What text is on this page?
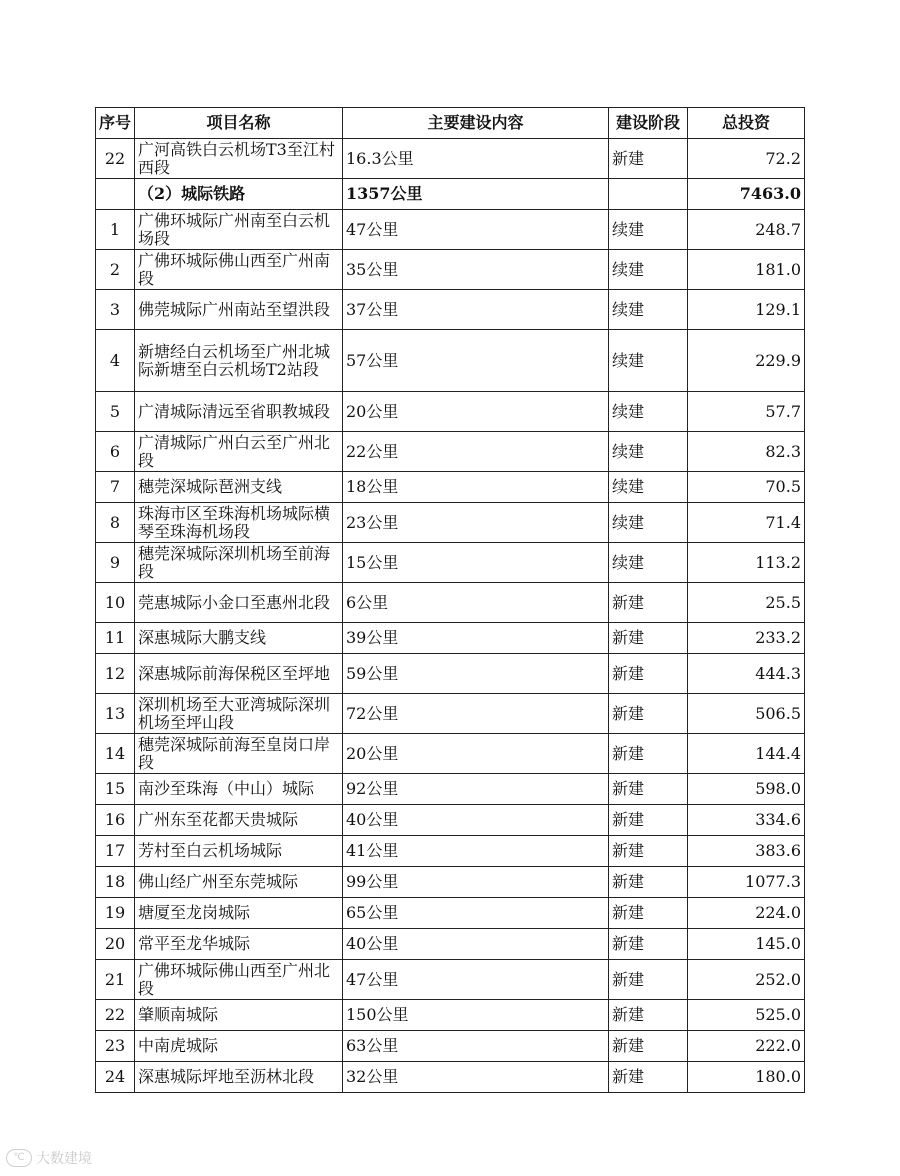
序号	项目名称	主要建设内容	建设阶段	总投资
22	广河高铁白云机场T3至江村西段	16.3公里	新建	72.2
	（2）城际铁路	1357公里		7463.0
1	广佛环城际广州南至白云机场段	47公里	续建	248.7
2	广佛环城际佛山西至广州南段	35公里	续建	181.0
3	佛莞城际广州南站至望洪段	37公里	续建	129.1
4	新塘经白云机场至广州北城际新塘至白云机场T2站段	57公里	续建	229.9
5	广清城际清远至省职教城段	20公里	续建	57.7
6	广清城际广州白云至广州北段	22公里	续建	82.3
7	穗莞深城际琶洲支线	18公里	续建	70.5
8	珠海市区至珠海机场城际横琴至珠海机场段	23公里	续建	71.4
9	穗莞深城际深圳机场至前海段	15公里	续建	113.2
10	莞惠城际小金口至惠州北段	6公里	新建	25.5
11	深惠城际大鹏支线	39公里	新建	233.2
12	深惠城际前海保税区至坪地	59公里	新建	444.3
13	深圳机场至大亚湾城际深圳机场至坪山段	72公里	新建	506.5
14	穗莞深城际前海至皇岗口岸段	20公里	新建	144.4
15	南沙至珠海（中山）城际	92公里	新建	598.0
16	广州东至花都天贵城际	40公里	新建	334.6
17	芳村至白云机场城际	41公里	新建	383.6
18	佛山经广州至东莞城际	99公里	新建	1077.3
19	塘厦至龙岗城际	65公里	新建	224.0
20	常平至龙华城际	40公里	新建	145.0
21	广佛环城际佛山西至广州北段	47公里	新建	252.0
22	肇顺南城际	150公里	新建	525.0
23	中南虎城际	63公里	新建	222.0
24	深惠城际坪地至沥林北段	32公里	新建	180.0
℃ 大数建境
